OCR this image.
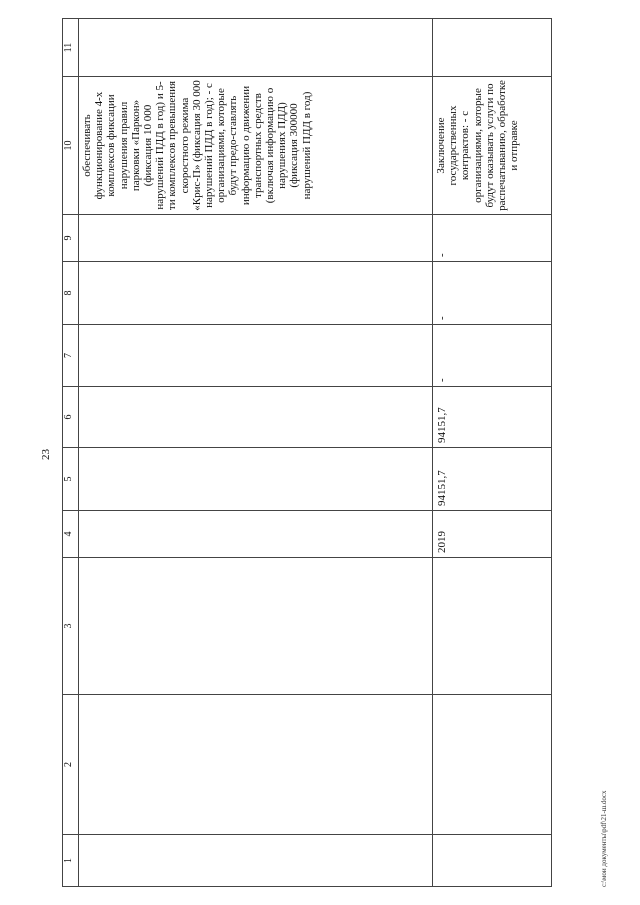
23
1	2	3	4	5	6	7	8	9	10	11

									обеспечивать функционирование 4-х комплексов фиксации нарушения правил парковки «Паркон» (фиксация 10 000 нарушений ПДД в год) и 5-ти комплексов превышения скоростного режима «Крис-П» (фиксация 30 000 нарушений ПДД в год); - с организациями, которые будут предо-ставлять информацию о движении транспортных средств (включая информацию о нарушениях ПДД) (фиксация 300000 нарушений ПДД в год)	

			2019	94151,7	94151,7	-	-	-	Заключение государственных контрактов: - с организациями, которые будут оказывать услуги по распечатыванию, обработке и отправке	

c:\мои документы\pdf\21-ш.docx
